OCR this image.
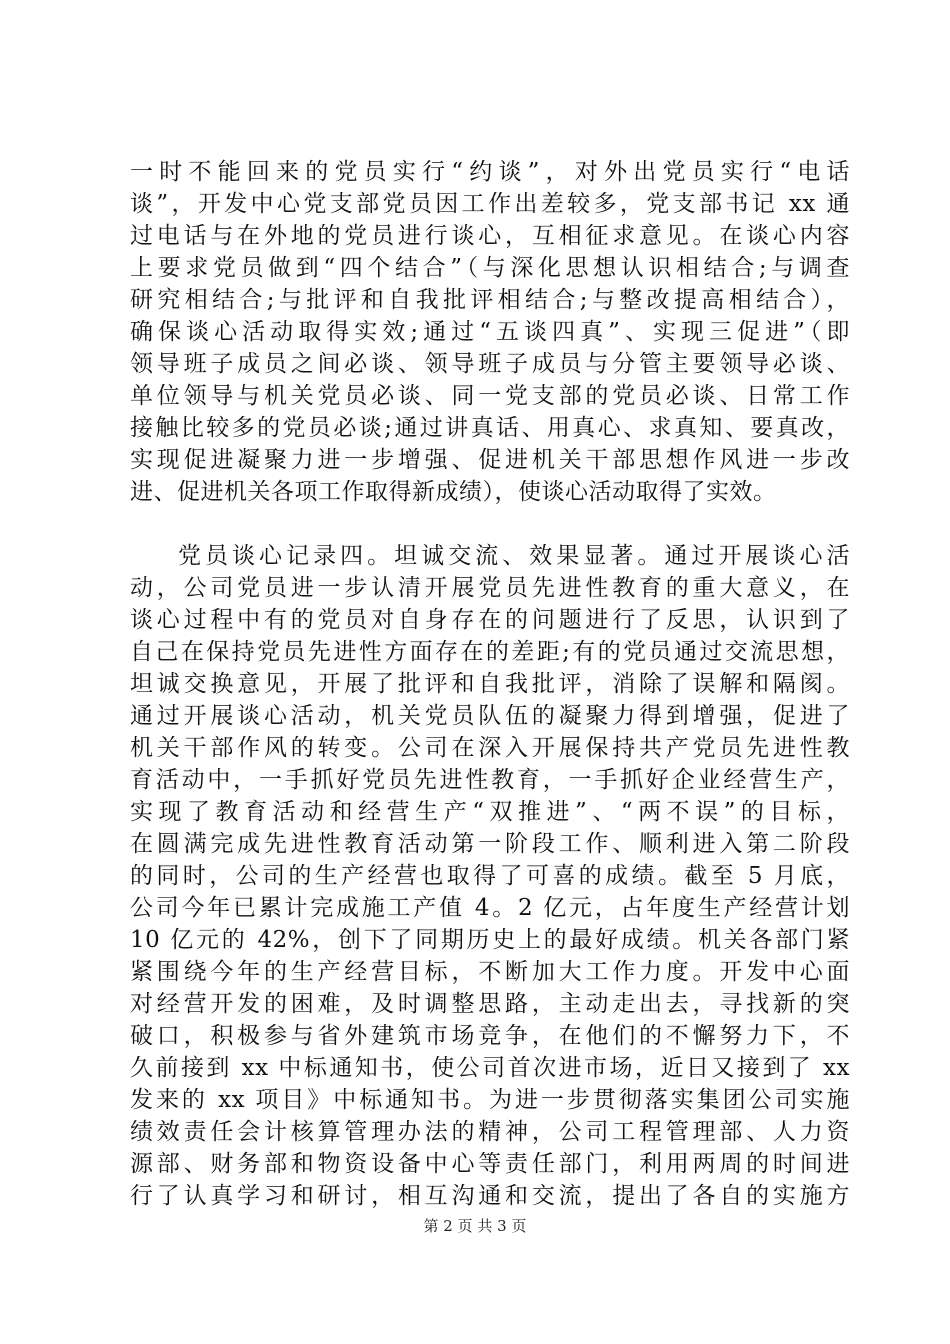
一时不能回来的党员实行“约谈”，对外出党员实行“电话
谈”，开发中心党支部党员因工作出差较多，党支部书记 xx 通
过电话与在外地的党员进行谈心，互相征求意见。在谈心内容
上要求党员做到“四个结合”（与深化思想认识相结合;与调查
研究相结合;与批评和自我批评相结合;与整改提高相结合），
确保谈心活动取得实效;通过“五谈四真”、实现三促进”（即
领导班子成员之间必谈、领导班子成员与分管主要领导必谈、
单位领导与机关党员必谈、同一党支部的党员必谈、日常工作
接触比较多的党员必谈;通过讲真话、用真心、求真知、要真改，
实现促进凝聚力进一步增强、促进机关干部思想作风进一步改
进、促进机关各项工作取得新成绩），使谈心活动取得了实效。
党员谈心记录四。坦诚交流、效果显著。通过开展谈心活
动，公司党员进一步认清开展党员先进性教育的重大意义，在
谈心过程中有的党员对自身存在的问题进行了反思，认识到了
自己在保持党员先进性方面存在的差距;有的党员通过交流思想，
坦诚交换意见，开展了批评和自我批评，消除了误解和隔阂。
通过开展谈心活动，机关党员队伍的凝聚力得到增强，促进了
机关干部作风的转变。公司在深入开展保持共产党员先进性教
育活动中，一手抓好党员先进性教育，一手抓好企业经营生产，
实现了教育活动和经营生产“双推进”、“两不误”的目标，
在圆满完成先进性教育活动第一阶段工作、顺利进入第二阶段
的同时，公司的生产经营也取得了可喜的成绩。截至 5 月底，
公司今年已累计完成施工产值 4。2 亿元，占年度生产经营计划
10 亿元的 42%，创下了同期历史上的最好成绩。机关各部门紧
紧围绕今年的生产经营目标，不断加大工作力度。开发中心面
对经营开发的困难，及时调整思路，主动走出去，寻找新的突
破口，积极参与省外建筑市场竞争，在他们的不懈努力下，不
久前接到 xx 中标通知书，使公司首次进市场，近日又接到了 xx
发来的 xx 项目》中标通知书。为进一步贯彻落实集团公司实施
绩效责任会计核算管理办法的精神，公司工程管理部、人力资
源部、财务部和物资设备中心等责任部门，利用两周的时间进
行了认真学习和研讨，相互沟通和交流，提出了各自的实施方
第 2 页 共 3 页
